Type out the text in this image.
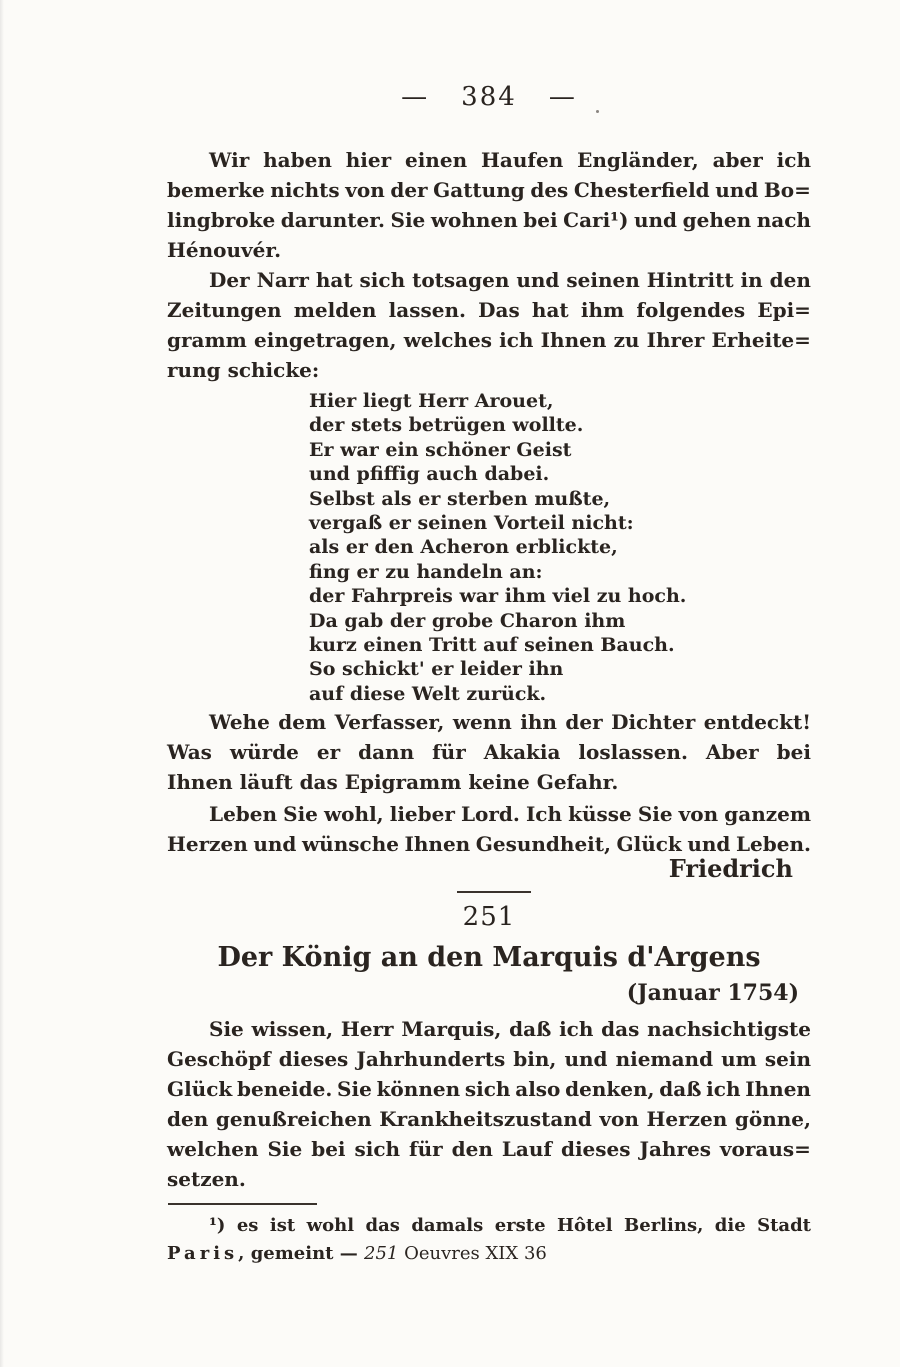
— 384 —
Wir haben hier einen Haufen Engländer, aber ich
bemerke nichts von der Gattung des Chesterfield und Bo=
lingbroke darunter. Sie wohnen bei Cari¹) und gehen nach
Hénouvér.
Der Narr hat sich totsagen und seinen Hintritt in den
Zeitungen melden lassen. Das hat ihm folgendes Epi=
gramm eingetragen, welches ich Ihnen zu Ihrer Erheite=
rung schicke:
Hier liegt Herr Arouet,
der stets betrügen wollte.
Er war ein schöner Geist
und pfiffig auch dabei.
Selbst als er sterben mußte,
vergaß er seinen Vorteil nicht:
als er den Acheron erblickte,
fing er zu handeln an:
der Fahrpreis war ihm viel zu hoch.
Da gab der grobe Charon ihm
kurz einen Tritt auf seinen Bauch.
So schickt' er leider ihn
auf diese Welt zurück.
Wehe dem Verfasser, wenn ihn der Dichter entdeckt!
Was würde er dann für Akakia loslassen. Aber bei
Ihnen läuft das Epigramm keine Gefahr.
Leben Sie wohl, lieber Lord. Ich küsse Sie von ganzem
Herzen und wünsche Ihnen Gesundheit, Glück und Leben.
Friedrich
251
Der König an den Marquis d'Argens
(Januar 1754)
Sie wissen, Herr Marquis, daß ich das nachsichtigste
Geschöpf dieses Jahrhunderts bin, und niemand um sein
Glück beneide. Sie können sich also denken, daß ich Ihnen
den genußreichen Krankheitszustand von Herzen gönne,
welchen Sie bei sich für den Lauf dieses Jahres voraus=
setzen.
¹) es ist wohl das damals erste Hôtel Berlins, die Stadt
Paris, gemeint — 251 Oeuvres XIX 36
